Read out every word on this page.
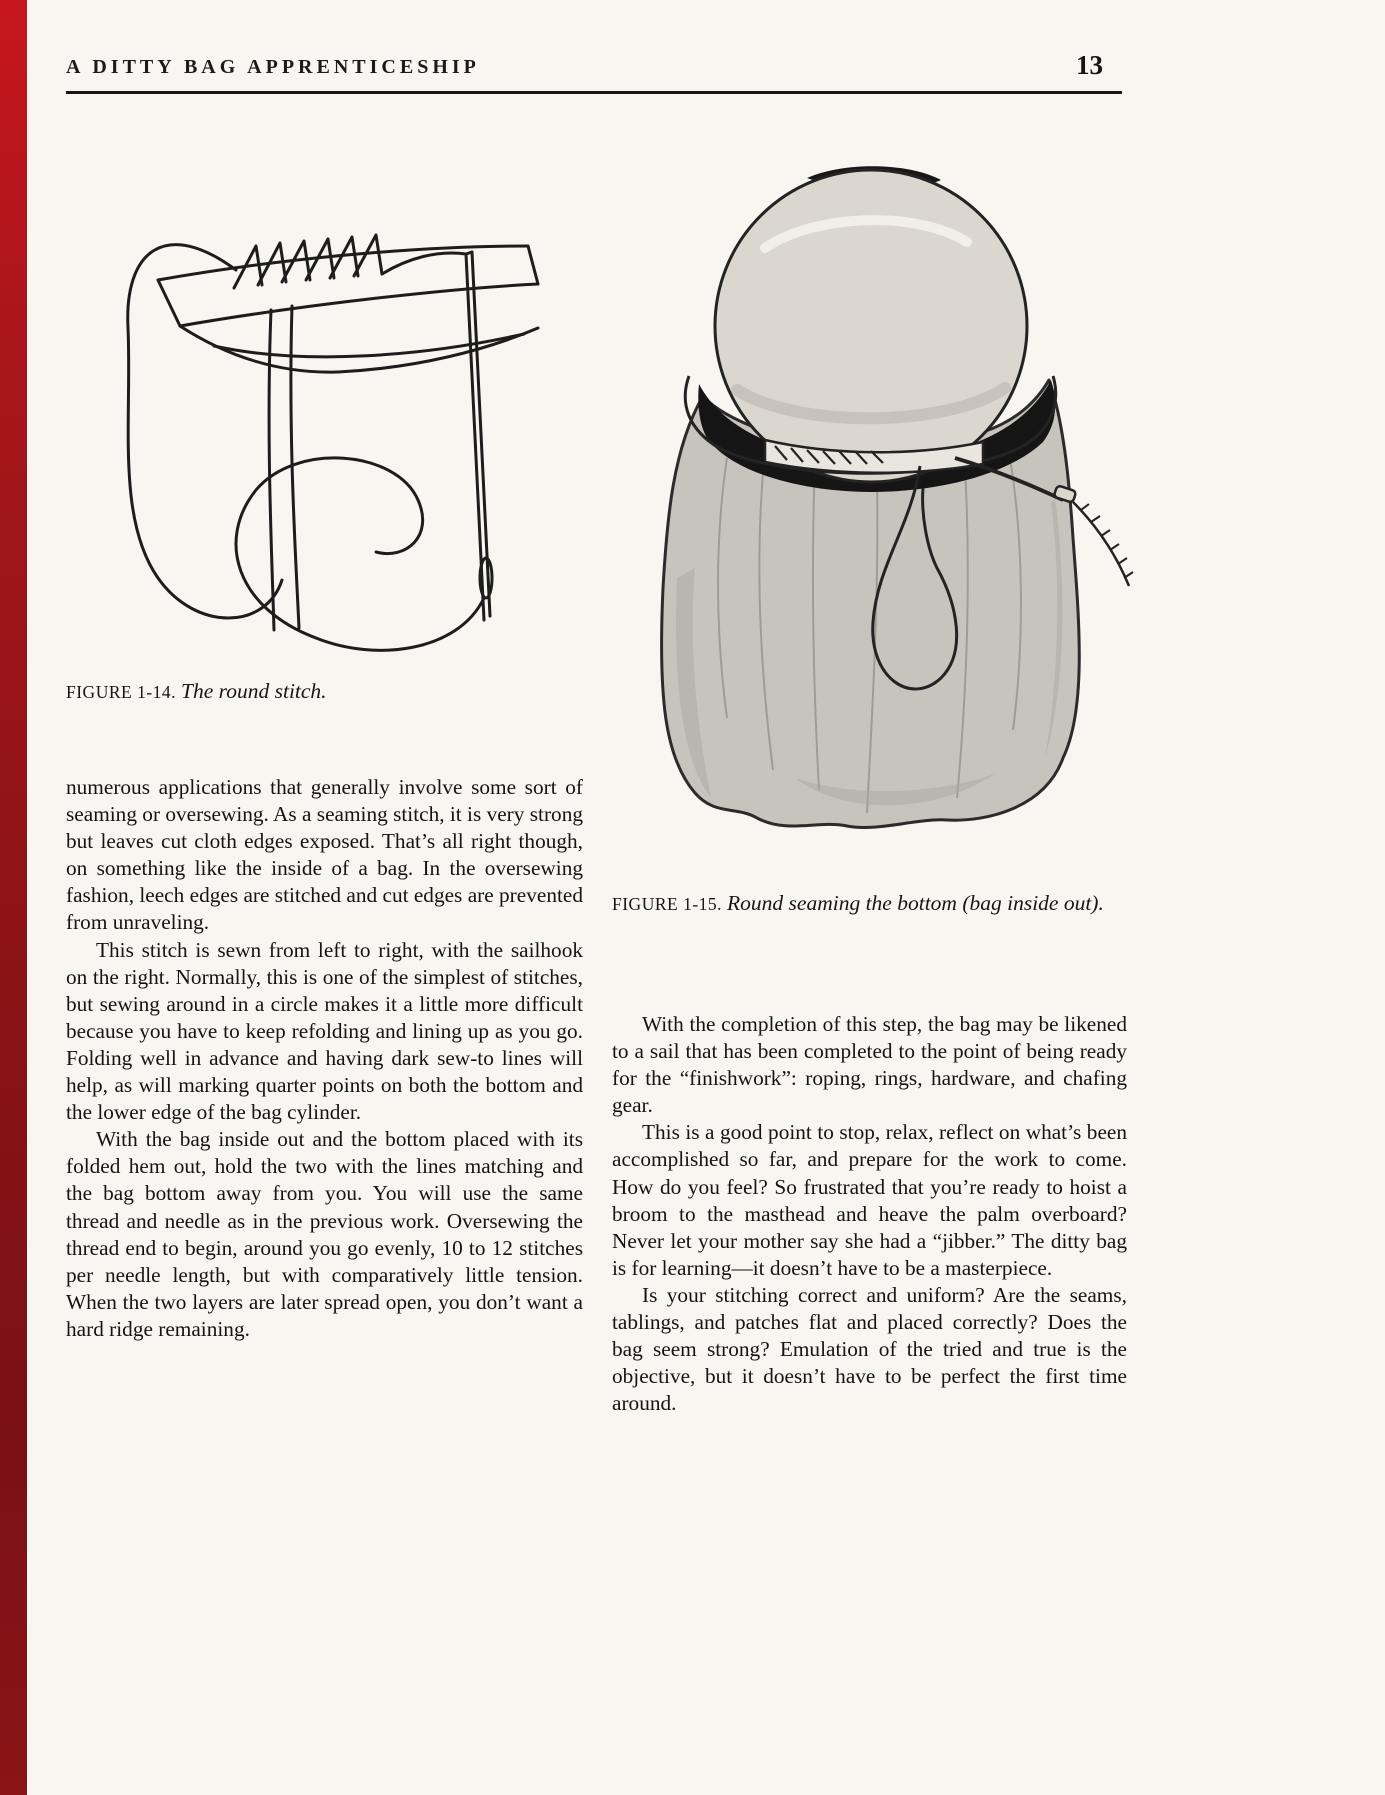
A DITTY BAG APPRENTICESHIP	13
FIGURE 1-14. The round stitch.
FIGURE 1-15. Round seaming the bottom (bag inside out).

numerous applications that generally involve some sort of seaming or oversewing. As a seaming stitch, it is very strong but leaves cut cloth edges exposed. That’s all right though, on something like the inside of a bag. In the oversewing fashion, leech edges are stitched and cut edges are prevented from unraveling.

This stitch is sewn from left to right, with the sailhook on the right. Normally, this is one of the simplest of stitches, but sewing around in a circle makes it a little more difficult because you have to keep refolding and lining up as you go. Folding well in advance and having dark sew-to lines will help, as will marking quarter points on both the bottom and the lower edge of the bag cylinder.

With the bag inside out and the bottom placed with its folded hem out, hold the two with the lines matching and the bag bottom away from you. You will use the same thread and needle as in the previous work. Oversewing the thread end to begin, around you go evenly, 10 to 12 stitches per needle length, but with comparatively little tension. When the two layers are later spread open, you don’t want a hard ridge remaining.

With the completion of this step, the bag may be likened to a sail that has been completed to the point of being ready for the “finishwork”: roping, rings, hardware, and chafing gear.

This is a good point to stop, relax, reflect on what’s been accomplished so far, and prepare for the work to come. How do you feel? So frustrated that you’re ready to hoist a broom to the masthead and heave the palm overboard? Never let your mother say she had a “jibber.” The ditty bag is for learning—it doesn’t have to be a masterpiece.

Is your stitching correct and uniform? Are the seams, tablings, and patches flat and placed correctly? Does the bag seem strong? Emulation of the tried and true is the objective, but it doesn’t have to be perfect the first time around.
